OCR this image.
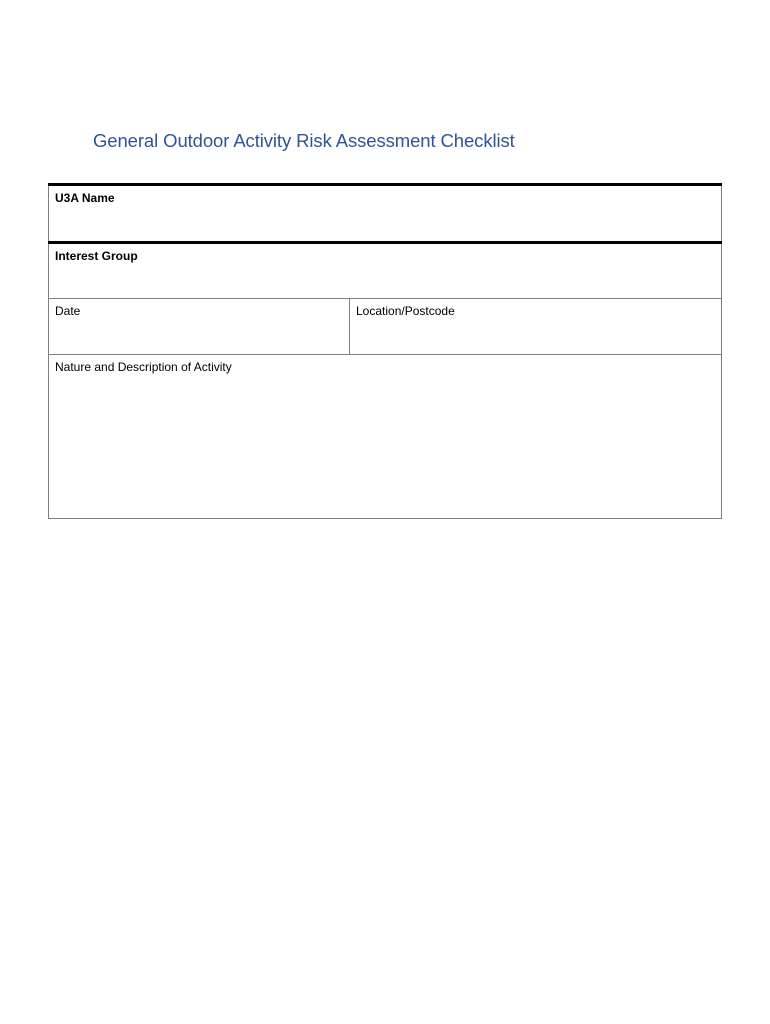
General Outdoor Activity Risk Assessment Checklist
U3A Name
Interest Group
Date	Location/Postcode
Nature and Description of Activity
